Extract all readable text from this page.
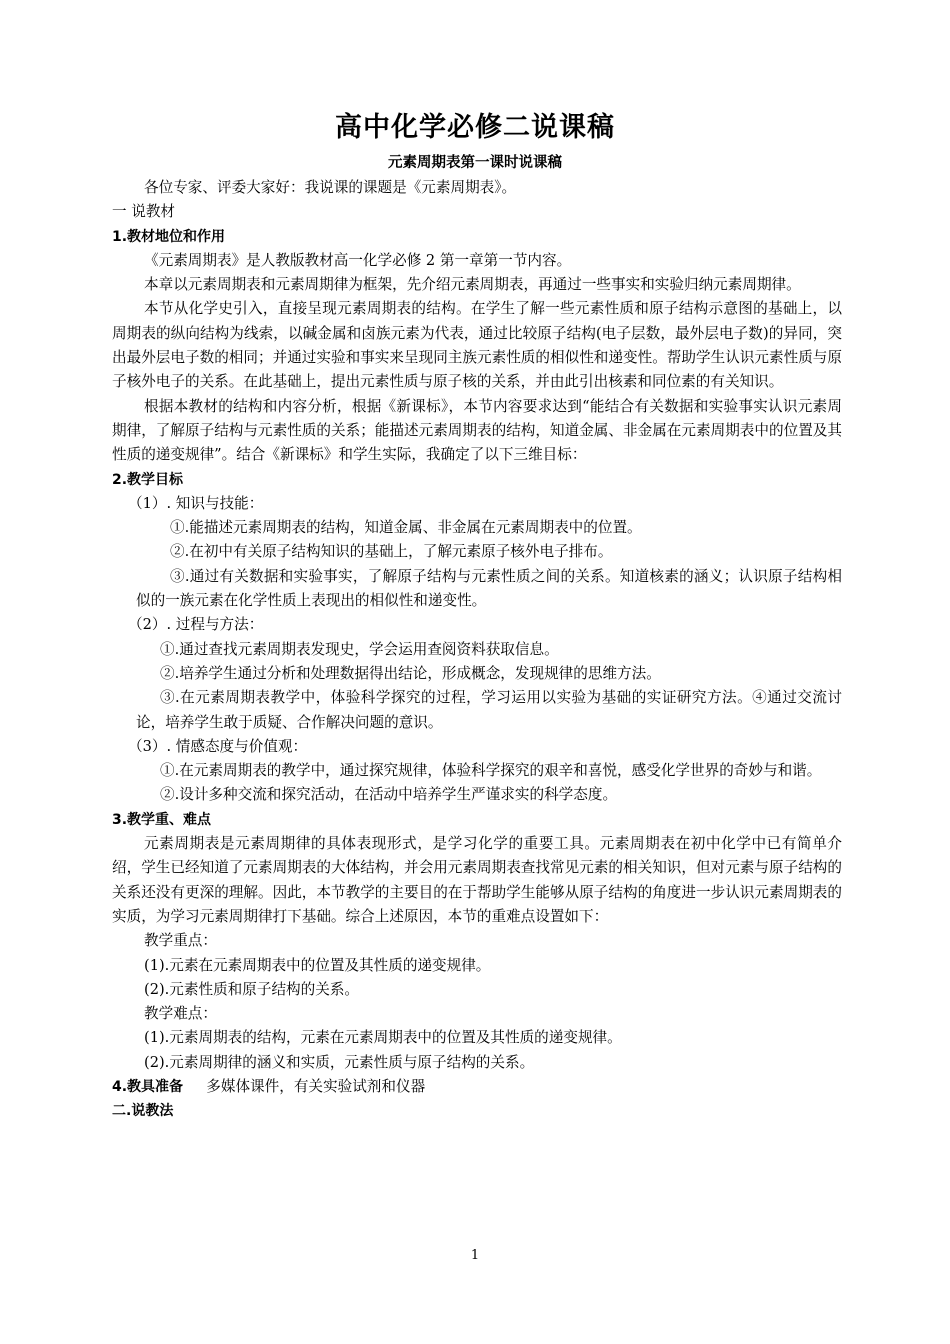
高中化学必修二说课稿
元素周期表第一课时说课稿

各位专家、评委大家好：我说课的课题是《元素周期表》。

一 说教材

1.教材地位和作用

《元素周期表》是人教版教材高一化学必修 2 第一章第一节内容。

本章以元素周期表和元素周期律为框架，先介绍元素周期表，再通过一些事实和实验归纳元素周期律。

本节从化学史引入，直接呈现元素周期表的结构。在学生了解一些元素性质和原子结构示意图的基础上，以周期表的纵向结构为线索，以碱金属和卤族元素为代表，通过比较原子结构(电子层数，最外层电子数)的异同，突出最外层电子数的相同；并通过实验和事实来呈现同主族元素性质的相似性和递变性。帮助学生认识元素性质与原子核外电子的关系。在此基础上，提出元素性质与原子核的关系，并由此引出核素和同位素的有关知识。

根据本教材的结构和内容分析，根据《新课标》，本节内容要求达到“能结合有关数据和实验事实认识元素周期律，了解原子结构与元素性质的关系；能描述元素周期表的结构，知道金属、非金属在元素周期表中的位置及其性质的递变规律”。结合《新课标》和学生实际，我确定了以下三维目标：

2.教学目标

（1）. 知识与技能：

①.能描述元素周期表的结构，知道金属、非金属在元素周期表中的位置。

②.在初中有关原子结构知识的基础上，了解元素原子核外电子排布。

③.通过有关数据和实验事实，了解原子结构与元素性质之间的关系。知道核素的涵义；认识原子结构相似的一族元素在化学性质上表现出的相似性和递变性。

（2）. 过程与方法：

①.通过查找元素周期表发现史，学会运用查阅资料获取信息。

②.培养学生通过分析和处理数据得出结论，形成概念，发现规律的思维方法。

③.在元素周期表教学中，体验科学探究的过程，学习运用以实验为基础的实证研究方法。④通过交流讨论，培养学生敢于质疑、合作解决问题的意识。

（3）. 情感态度与价值观：

①.在元素周期表的教学中，通过探究规律，体验科学探究的艰辛和喜悦，感受化学世界的奇妙与和谐。

②.设计多种交流和探究活动，在活动中培养学生严谨求实的科学态度。

3.教学重、难点

元素周期表是元素周期律的具体表现形式，是学习化学的重要工具。元素周期表在初中化学中已有简单介绍，学生已经知道了元素周期表的大体结构，并会用元素周期表查找常见元素的相关知识，但对元素与原子结构的关系还没有更深的理解。因此，本节教学的主要目的在于帮助学生能够从原子结构的角度进一步认识元素周期表的实质，为学习元素周期律打下基础。综合上述原因，本节的重难点设置如下：

教学重点：

(1).元素在元素周期表中的位置及其性质的递变规律。

(2).元素性质和原子结构的关系。

教学难点：

(1).元素周期表的结构，元素在元素周期表中的位置及其性质的递变规律。

(2).元素周期律的涵义和实质，元素性质与原子结构的关系。

4.教具准备 多媒体课件，有关实验试剂和仪器

二.说教法

1
